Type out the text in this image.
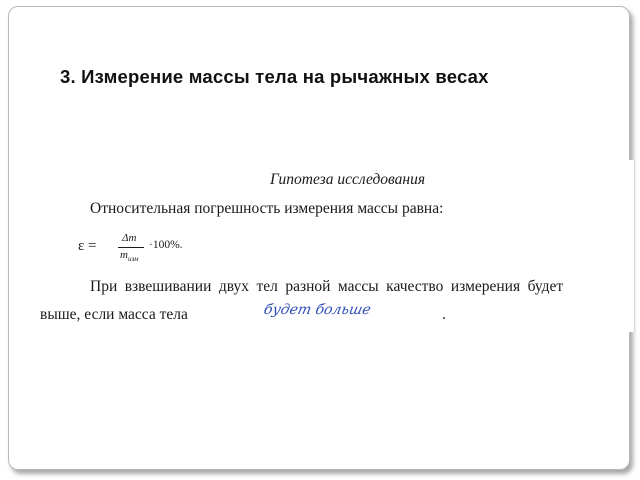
3. Измерение массы тела на рычажных весах
Гипотеза исследования
Относительная погрешность измерения массы равна:
ε = Δm
$m_{изм}$
·100%.
При взвешивании двух тел разной массы качество измерения будет
выше, если масса тела	будет больше	.
